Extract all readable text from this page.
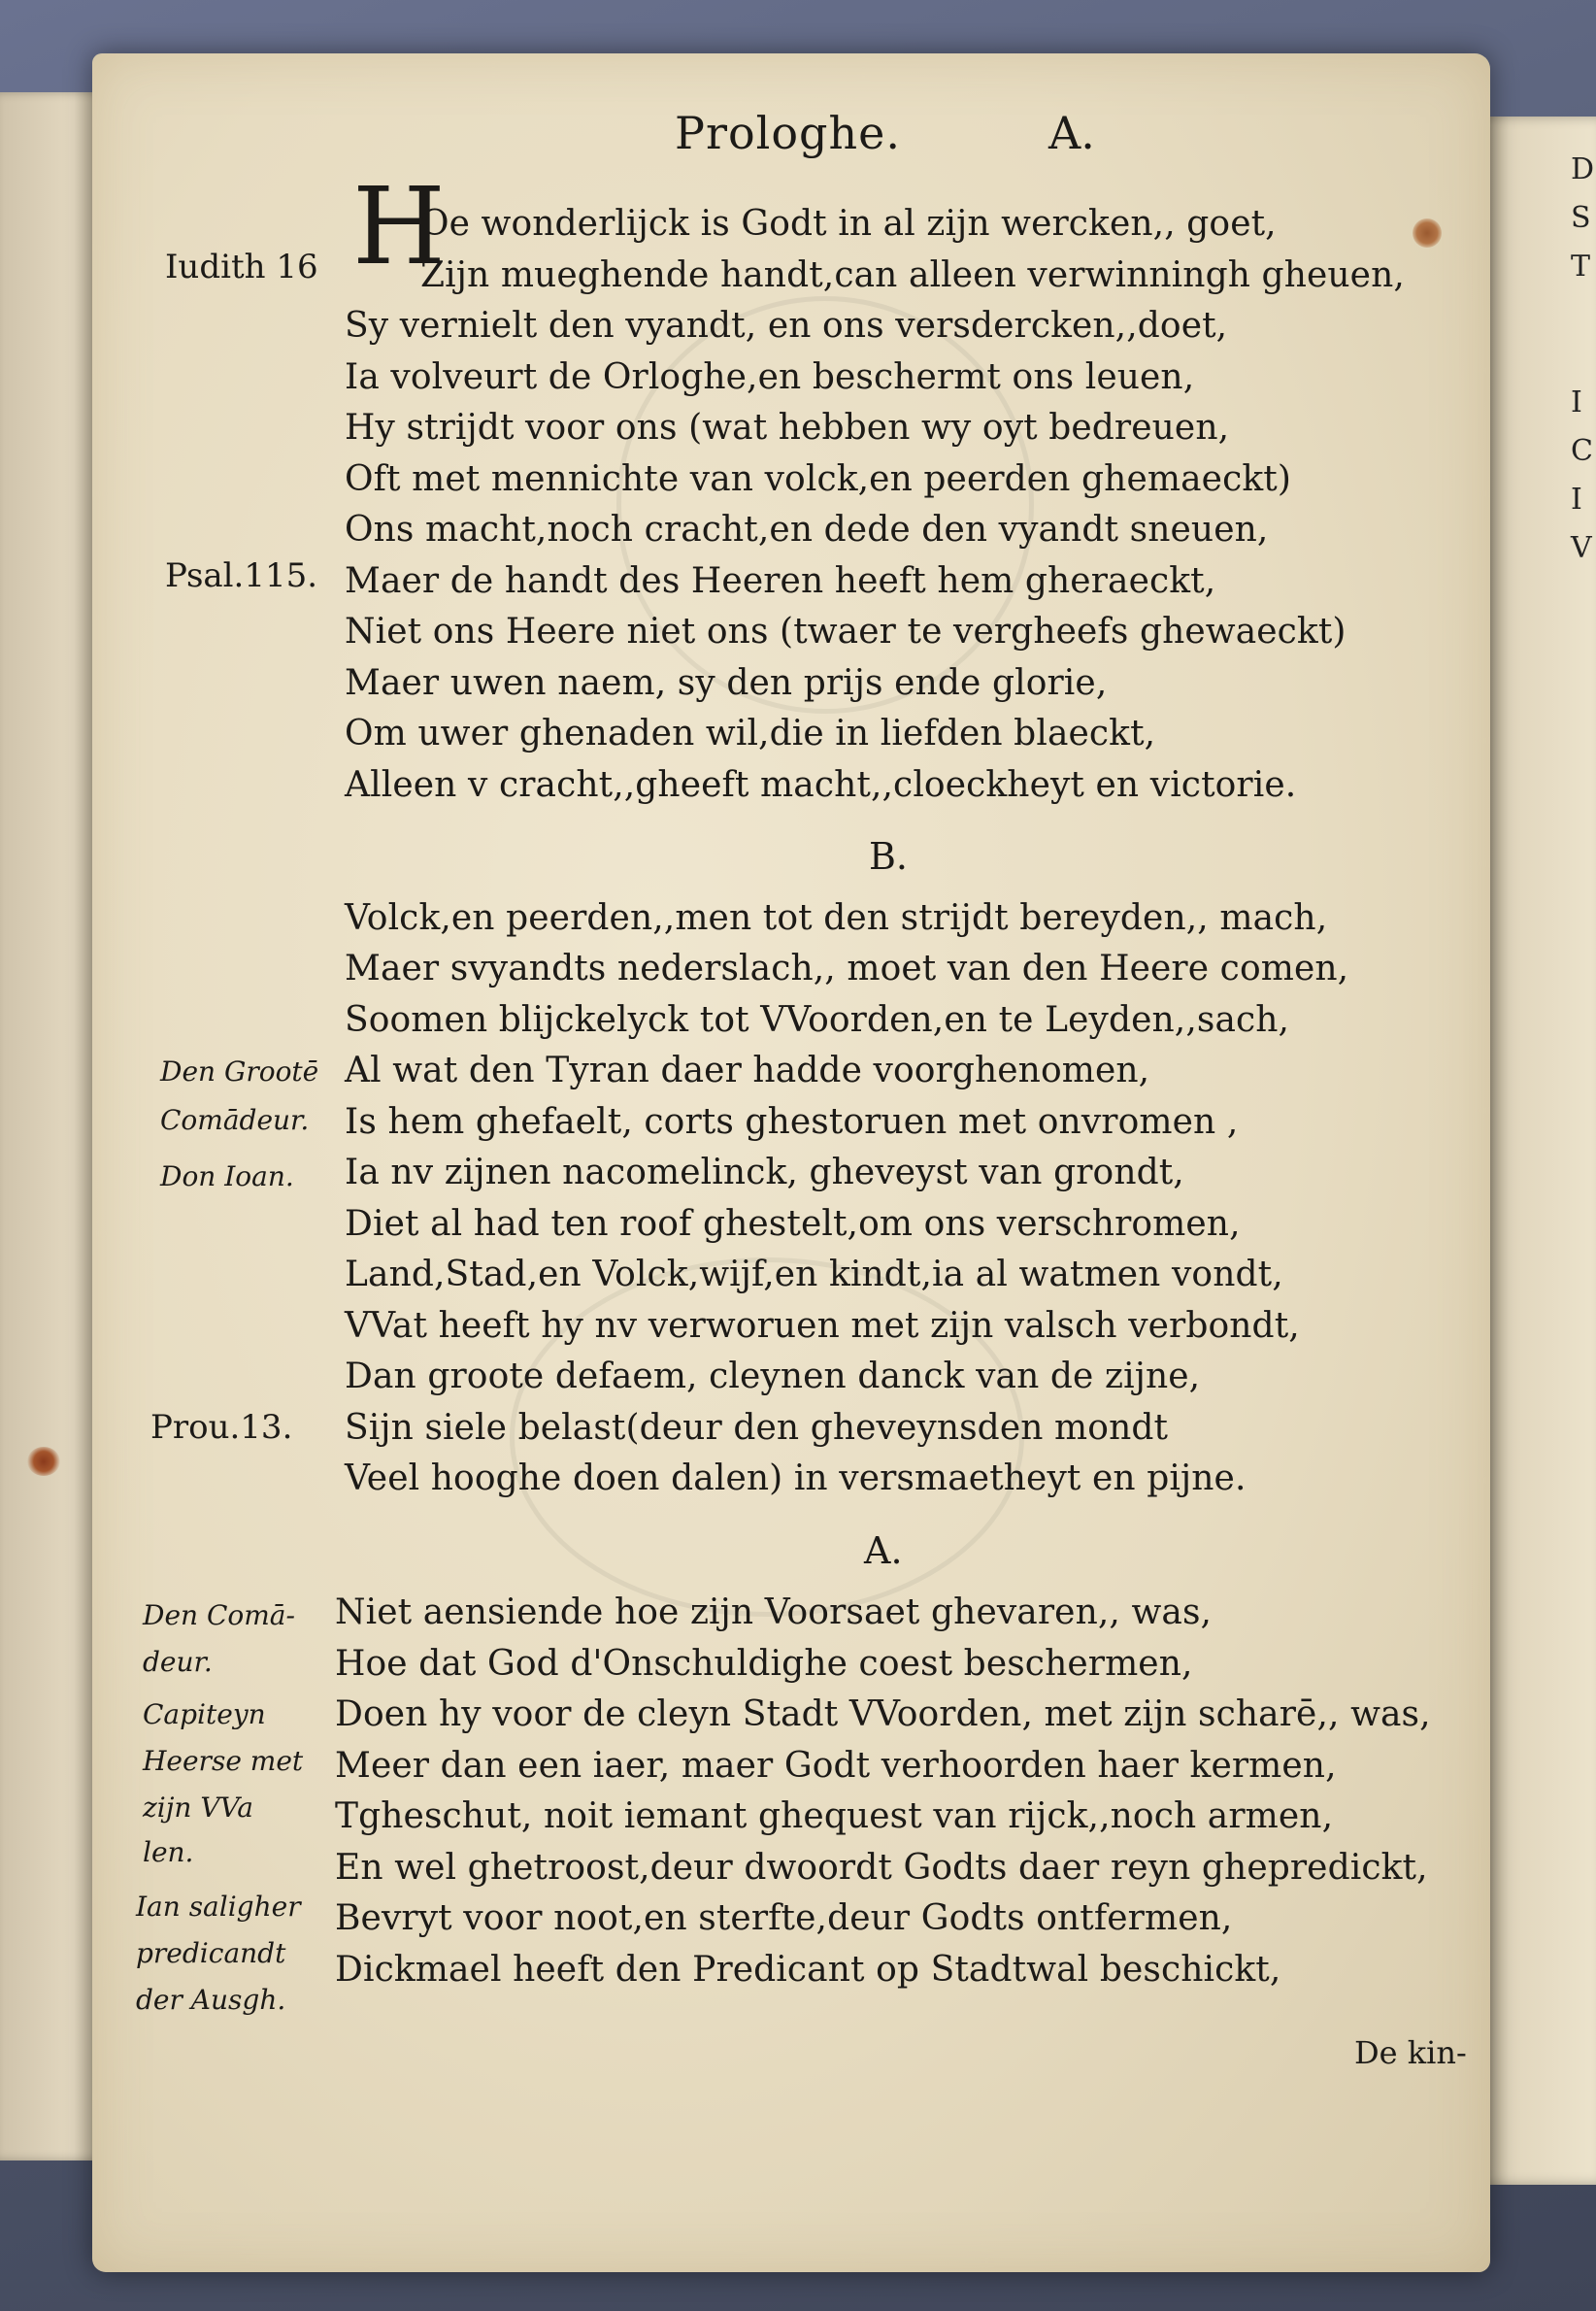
D
S
T
I
C
I
V
Prologhe.	A.
H
Oe wonderlijck is Godt in al zijn wercken,, goet,
Zijn mueghende handt,can alleen verwinningh gheuen,
Sy vernielt den vyandt, en ons versdercken,,doet,
Ia volveurt de Orloghe,en beschermt ons leuen,
Hy strijdt voor ons (wat hebben wy oyt bedreuen,
Oft met mennichte van volck,en peerden ghemaeckt)
Ons macht,noch cracht,en dede den vyandt sneuen,
Maer de handt des Heeren heeft hem gheraeckt,
Niet ons Heere niet ons (twaer te vergheefs ghewaeckt)
Maer uwen naem, sy den prijs ende glorie,
Om uwer ghenaden wil,die in liefden blaeckt,
Alleen v cracht,,gheeft macht,,cloeckheyt en victorie.
Iudith 16
Psal.115.
B.
Volck,en peerden,,men tot den strijdt bereyden,, mach,
Maer svyandts nederslach,, moet van den Heere comen,
Soomen blijckelyck tot VVoorden,en te Leyden,,sach,
Al wat den Tyran daer hadde voorghenomen,
Is hem ghefaelt, corts ghestoruen met onvromen ,
Ia nv zijnen nacomelinck, gheveyst van grondt,
Diet al had ten roof ghestelt,om ons verschromen,
Land,Stad,en Volck,wijf,en kindt,ia al watmen vondt,
VVat heeft hy nv verworuen met zijn valsch verbondt,
Dan groote defaem, cleynen danck van de zijne,
Sijn siele belast(deur den gheveynsden mondt
Veel hooghe doen dalen) in versmaetheyt en pijne.
Den Grootē
Comādeur.
Don Ioan.
Prou.13.
A.
Niet aensiende hoe zijn Voorsaet ghevaren,, was,
Hoe dat God d'Onschuldighe coest beschermen,
Doen hy voor de cleyn Stadt VVoorden, met zijn scharē,, was,
Meer dan een iaer, maer Godt verhoorden haer kermen,
Tgheschut, noit iemant ghequest van rijck,,noch armen,
En wel ghetroost,deur dwoordt Godts daer reyn ghepredickt,
Bevryt voor noot,en sterfte,deur Godts ontfermen,
Dickmael heeft den Predicant op Stadtwal beschickt,
Den Comā-
deur.
Capiteyn
Heerse met
zijn VVa
len.
Ian saligher
predicandt
der Ausgh.
De kin-
